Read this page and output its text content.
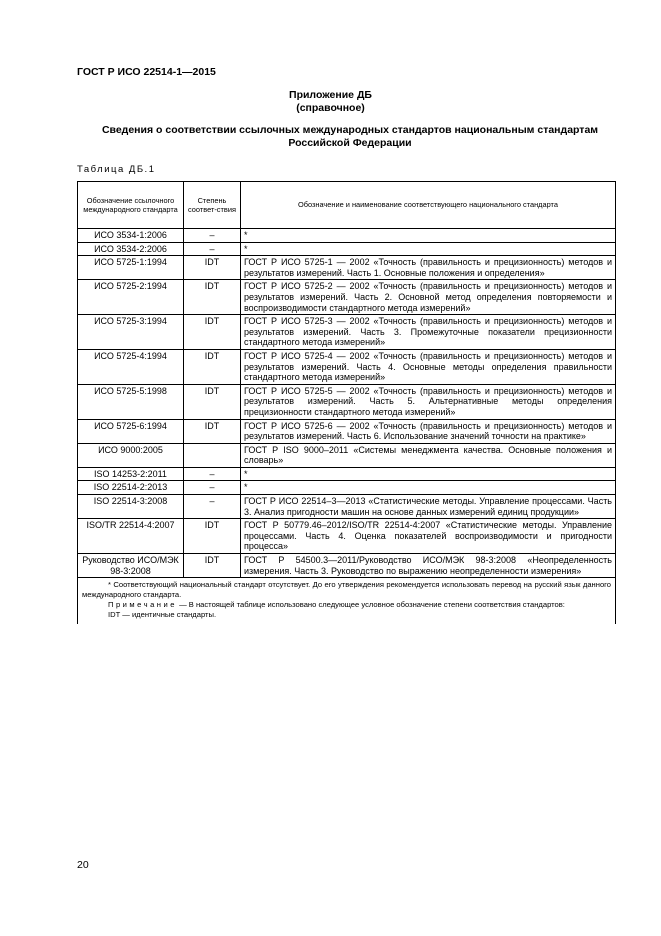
ГОСТ Р ИСО 22514-1—2015
Приложение ДБ
(справочное)
Сведения о соответствии ссылочных международных стандартов национальным стандартам Российской Федерации
Таблица ДБ.1
Обозначение ссылочного международного стандарта	Степень соответ-ствия	Обозначение и наименование соответствующего национального стандарта
ИСО 3534-1:2006	–	*
ИСО 3534-2:2006	–	*
ИСО 5725-1:1994	IDT	ГОСТ Р ИСО 5725-1 — 2002 «Точность (правильность и прецизионность) методов и результатов измерений. Часть 1. Основные положения и определения»
ИСО 5725-2:1994	IDT	ГОСТ Р ИСО 5725-2 — 2002 «Точность (правильность и прецизионность) методов и результатов измерений. Часть 2. Основной метод определения повторяемости и воспроизводимости стандартного метода измерений»
ИСО 5725-3:1994	IDT	ГОСТ Р ИСО 5725-3 — 2002 «Точность (правильность и прецизионность) методов и результатов измерений. Часть 3. Промежуточные показатели прецизионности стандартного метода измерений»
ИСО 5725-4:1994	IDT	ГОСТ Р ИСО 5725-4 — 2002 «Точность (правильность и прецизионность) методов и результатов измерений. Часть 4. Основные методы определения правильности стандартного метода измерений»
ИСО 5725-5:1998	IDT	ГОСТ Р ИСО 5725-5 — 2002 «Точность (правильность и прецизионность) методов и результатов измерений. Часть 5. Альтернативные методы определения прецизионности стандартного метода измерений»
ИСО 5725-6:1994	IDT	ГОСТ Р ИСО 5725-6 — 2002 «Точность (правильность и прецизионность) методов и результатов измерений. Часть 6. Использование значений точности на практике»
ИСО 9000:2005		ГОСТ Р ISO 9000–2011 «Системы менеджмента качества. Основные положения и словарь»
ISO 14253-2:2011	–	*
ISO 22514-2:2013	–	*
ISO 22514-3:2008	–	ГОСТ Р ИСО 22514–3—2013 «Статистические методы. Управление процессами. Часть 3. Анализ пригодности машин на основе данных измерений единиц продукции»
ISO/TR 22514-4:2007	IDT	ГОСТ Р 50779.46–2012/ISO/TR 22514-4:2007 «Статистические методы. Управление процессами. Часть 4. Оценка показателей воспроизводимости и пригодности процесса»
Руководство ИСО/МЭК 98-3:2008	IDT	ГОСТ Р 54500.3—2011/Руководство ИСО/МЭК 98-3:2008 «Неопределенность измерения. Часть 3. Руководство по выражению неопределенности измерения»

* Соответствующий национальный стандарт отсутствует. До его утверждения рекомендуется использовать перевод на русский язык данного международного стандарта.

Примечание — В настоящей таблице использовано следующее условное обозначение степени соответствия стандартов:

IDT — идентичные стандарты.		

20
